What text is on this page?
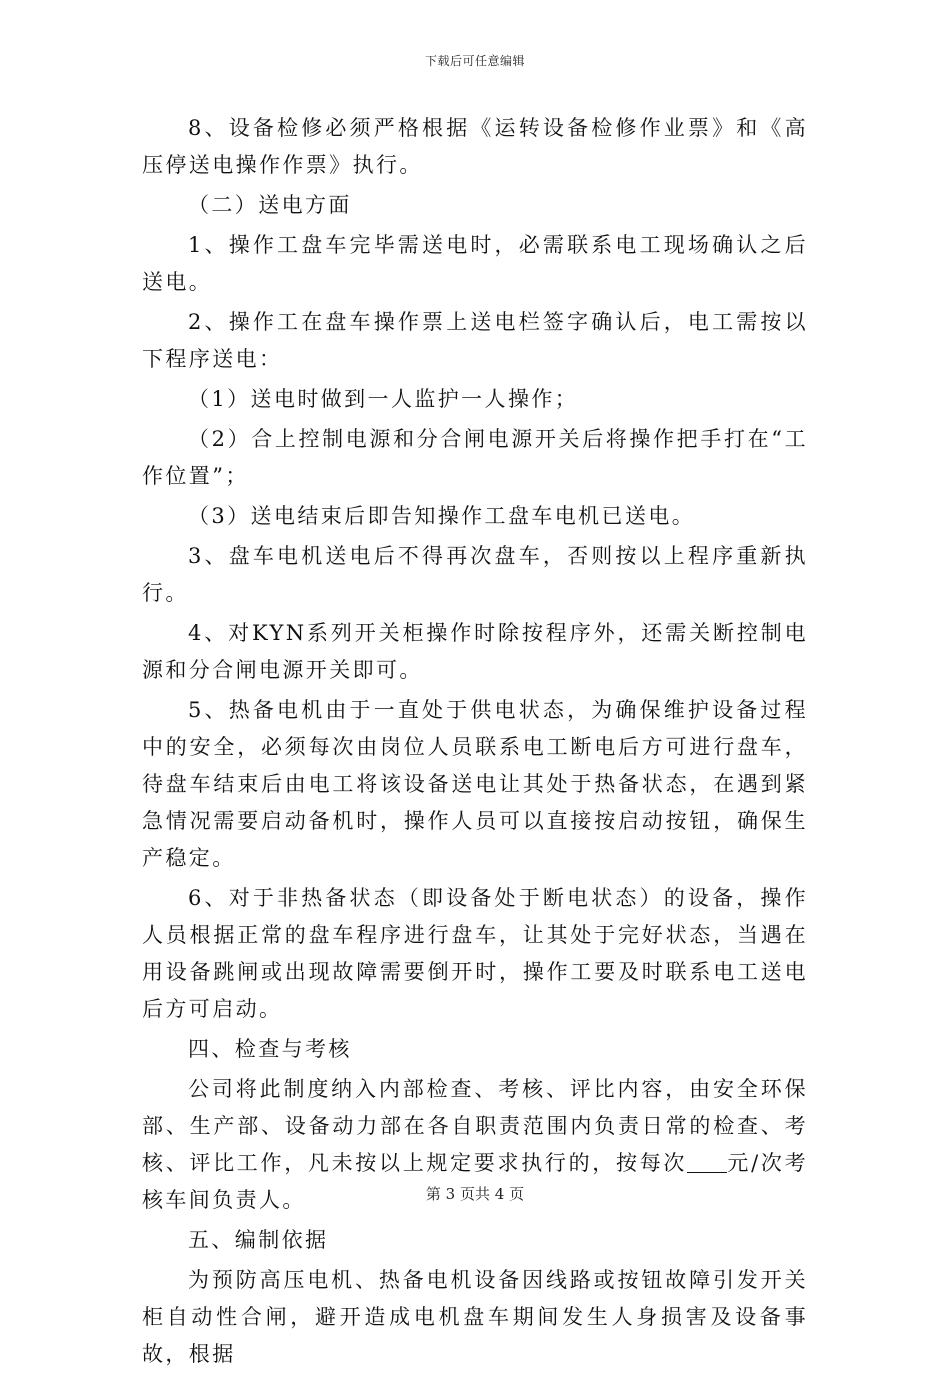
下载后可任意编辑

8、设备检修必须严格根据《运转设备检修作业票》和《高压停送电操作作票》执行。

（二）送电方面

1、操作工盘车完毕需送电时，必需联系电工现场确认之后送电。

2、操作工在盘车操作票上送电栏签字确认后，电工需按以下程序送电：

（1）送电时做到一人监护一人操作；

（2）合上控制电源和分合闸电源开关后将操作把手打在“工作位置”；

（3）送电结束后即告知操作工盘车电机已送电。

3、盘车电机送电后不得再次盘车，否则按以上程序重新执行。

4、对KYN系列开关柜操作时除按程序外，还需关断控制电源和分合闸电源开关即可。

5、热备电机由于一直处于供电状态，为确保维护设备过程中的安全，必须每次由岗位人员联系电工断电后方可进行盘车，待盘车结束后由电工将该设备送电让其处于热备状态，在遇到紧急情况需要启动备机时，操作人员可以直接按启动按钮，确保生产稳定。

6、对于非热备状态（即设备处于断电状态）的设备，操作人员根据正常的盘车程序进行盘车，让其处于完好状态，当遇在用设备跳闸或出现故障需要倒开时，操作工要及时联系电工送电后方可启动。

四、检查与考核

公司将此制度纳入内部检查、考核、评比内容，由安全环保部、生产部、设备动力部在各自职责范围内负责日常的检查、考核、评比工作，凡未按以上规定要求执行的，按每次 元/次考核车间负责人。

五、编制依据

为预防高压电机、热备电机设备因线路或按钮故障引发开关柜自动性合闸，避开造成电机盘车期间发生人身损害及设备事故，根据

第 3 页共 4 页
